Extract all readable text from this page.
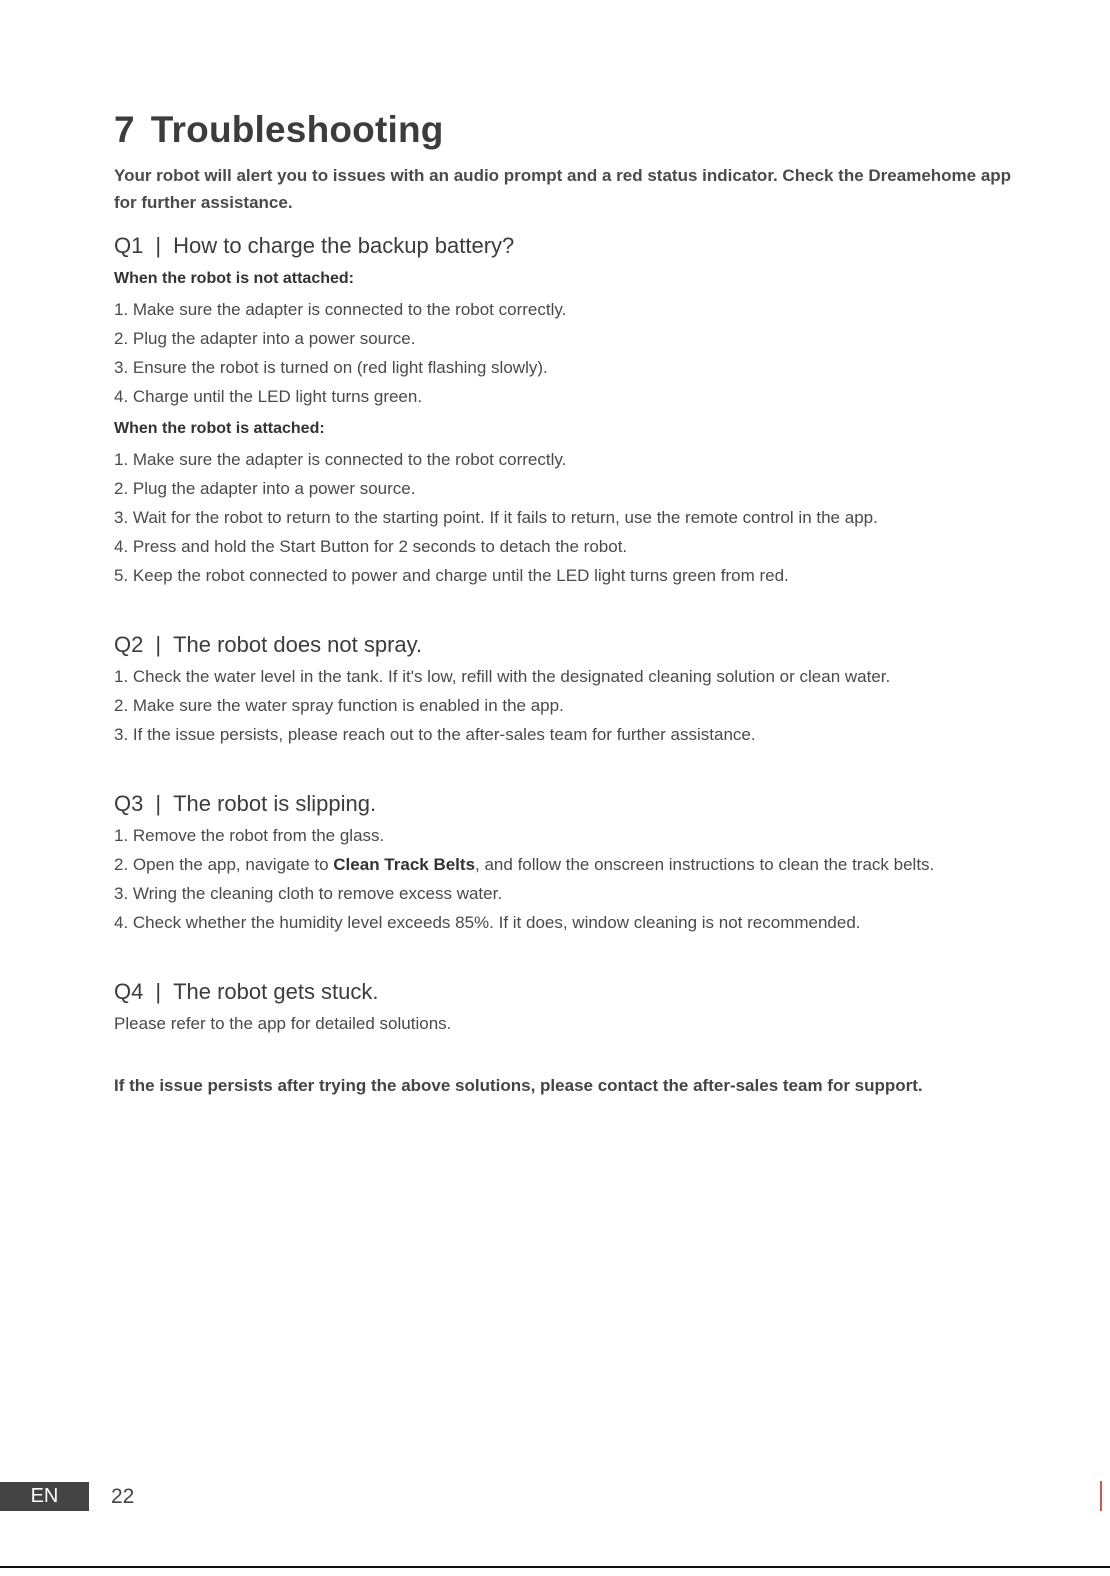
7 Troubleshooting

Your robot will alert you to issues with an audio prompt and a red status indicator. Check the Dreamehome app for further assistance.

Q1 | How to charge the backup battery?

When the robot is not attached:

1. Make sure the adapter is connected to the robot correctly.
2. Plug the adapter into a power source.
3. Ensure the robot is turned on (red light flashing slowly).
4. Charge until the LED light turns green.

When the robot is attached:

1. Make sure the adapter is connected to the robot correctly.
2. Plug the adapter into a power source.
3. Wait for the robot to return to the starting point. If it fails to return, use the remote control in the app.
4. Press and hold the Start Button for 2 seconds to detach the robot.
5. Keep the robot connected to power and charge until the LED light turns green from red.
Q2 | The robot does not spray.
1. Check the water level in the tank. If it's low, refill with the designated cleaning solution or clean water.
2. Make sure the water spray function is enabled in the app.
3. If the issue persists, please reach out to the after-sales team for further assistance.
Q3 | The robot is slipping.
1. Remove the robot from the glass.
2. Open the app, navigate to Clean Track Belts, and follow the onscreen instructions to clean the track belts.
3. Wring the cleaning cloth to remove excess water.
4. Check whether the humidity level exceeds 85%. If it does, window cleaning is not recommended.
Q4 | The robot gets stuck.

Please refer to the app for detailed solutions.

If the issue persists after trying the above solutions, please contact the after-sales team for support.

EN	22
